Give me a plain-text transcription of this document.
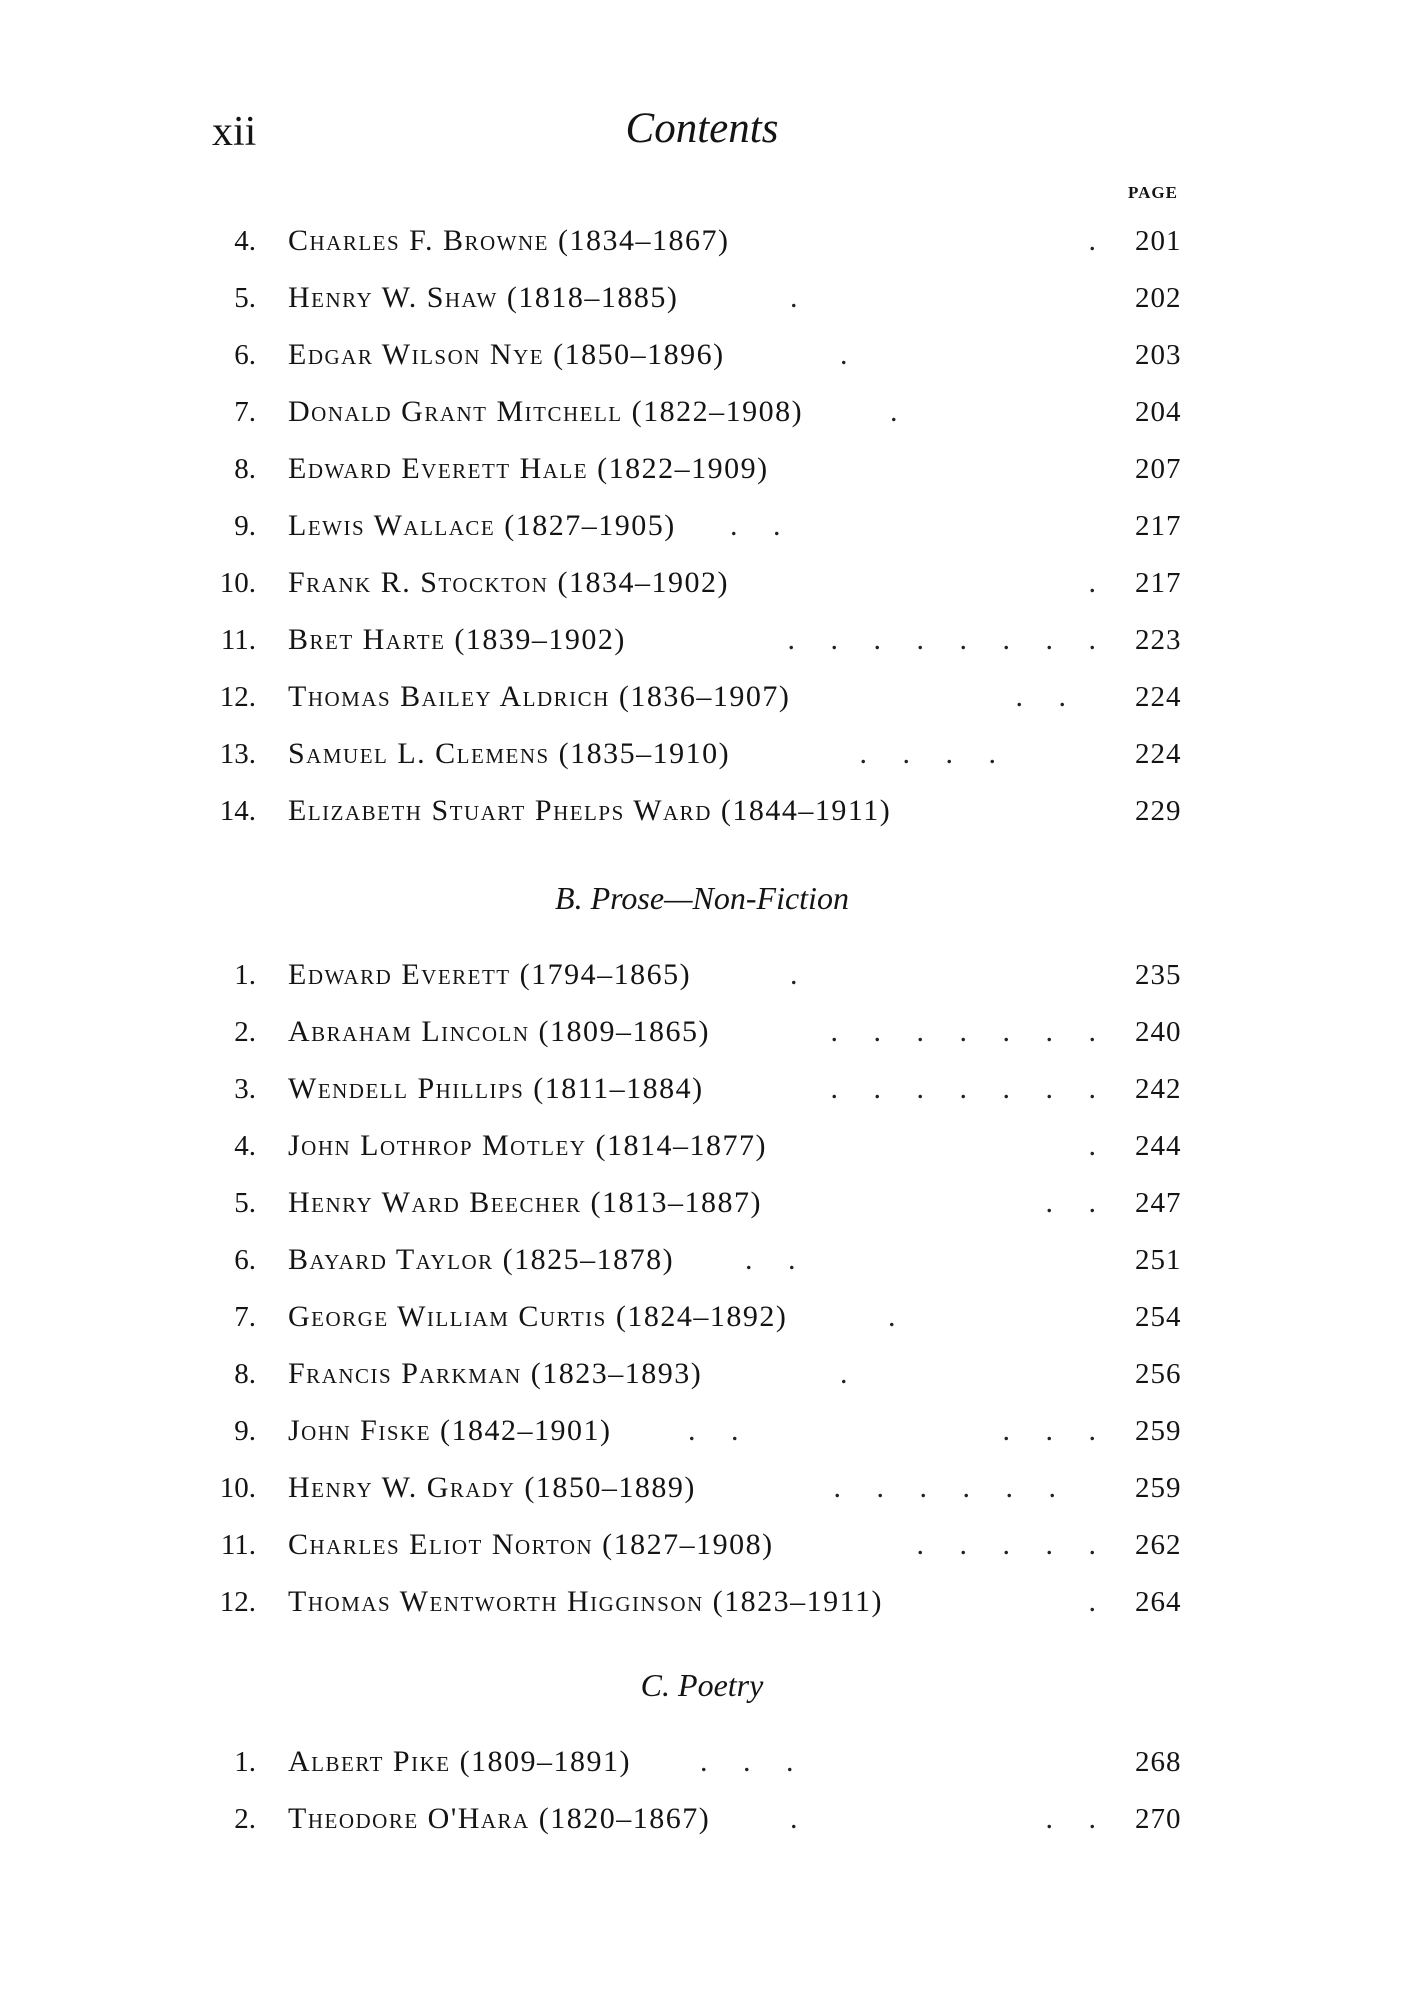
xii	Contents
PAGE
4. Charles F. Browne (1834–1867)	. 201
5. Henry W. Shaw (1818–1885)	.	202
6. Edgar Wilson Nye (1850–1896)	.	203
7. Donald Grant Mitchell (1822–1908)	.	204
8. Edward Everett Hale (1822–1909)	207
9. Lewis Wallace (1827–1905) . .	217
10. Frank R. Stockton (1834–1902)	. 217
11. Bret Harte (1839–1902)	. . . . . . . . 223
12. Thomas Bailey Aldrich (1836–1907)	. . 224
13. Samuel L. Clemens (1835–1910)	. . . .	224
14. Elizabeth Stuart Phelps Ward (1844–1911)	229
B. Prose—Non-Fiction
1. Edward Everett (1794–1865)	.	235
2. Abraham Lincoln (1809–1865)	. . . . . . . 240
3. Wendell Phillips (1811–1884)	. . . . . . . 242
4. John Lothrop Motley (1814–1877)	. 244
5. Henry Ward Beecher (1813–1887)	. . 247
6. Bayard Taylor (1825–1878) . .	251
7. George William Curtis (1824–1892)	.	254
8. Francis Parkman (1823–1893)	.	256
9. John Fiske (1842–1901)	. .	. . . 259
10. Henry W. Grady (1850–1889)	. . . . . . 259
11. Charles Eliot Norton (1827–1908)	. . . . . 262
12. Thomas Wentworth Higginson (1823–1911)	. 264
C. Poetry
1. Albert Pike (1809–1891) . . .	268
2. Theodore O'Hara (1820–1867)	.	. . 270
